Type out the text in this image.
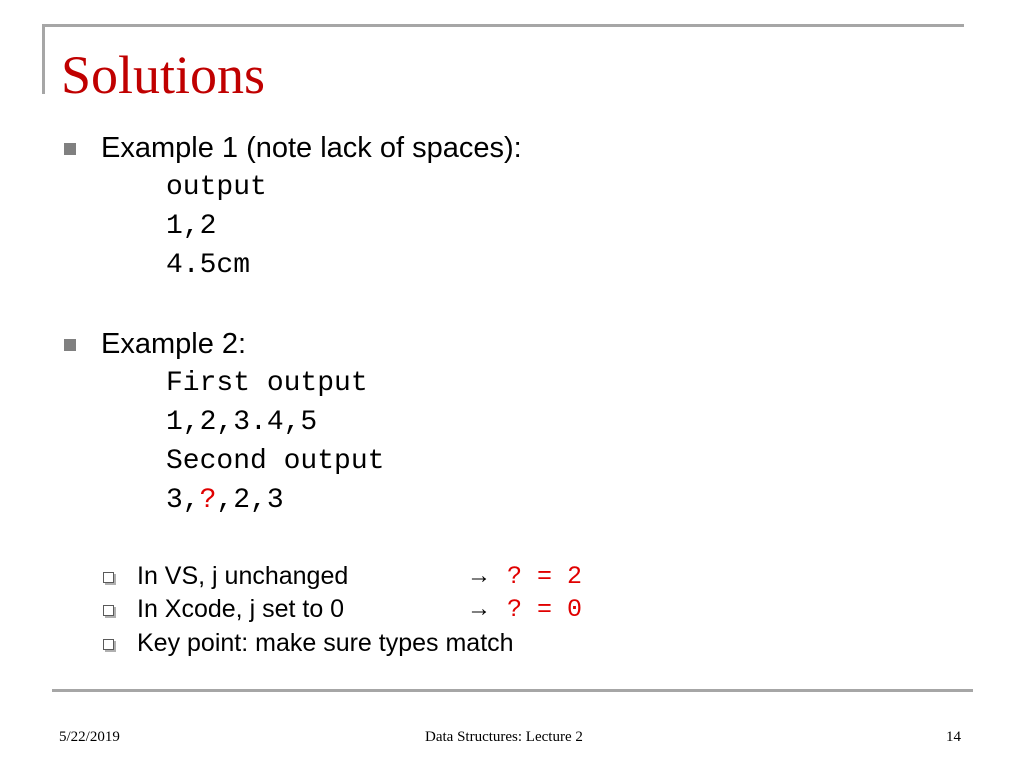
Solutions
Example 1 (note lack of spaces):
output
1,2
4.5cm
Example 2:
First output
1,2,3.4,5
Second output
3,?,2,3
In VS, j unchanged	→ ? = 2
In Xcode, j set to 0	→ ? = 0
Key point: make sure types match
5/22/2019	Data Structures: Lecture 2	14
